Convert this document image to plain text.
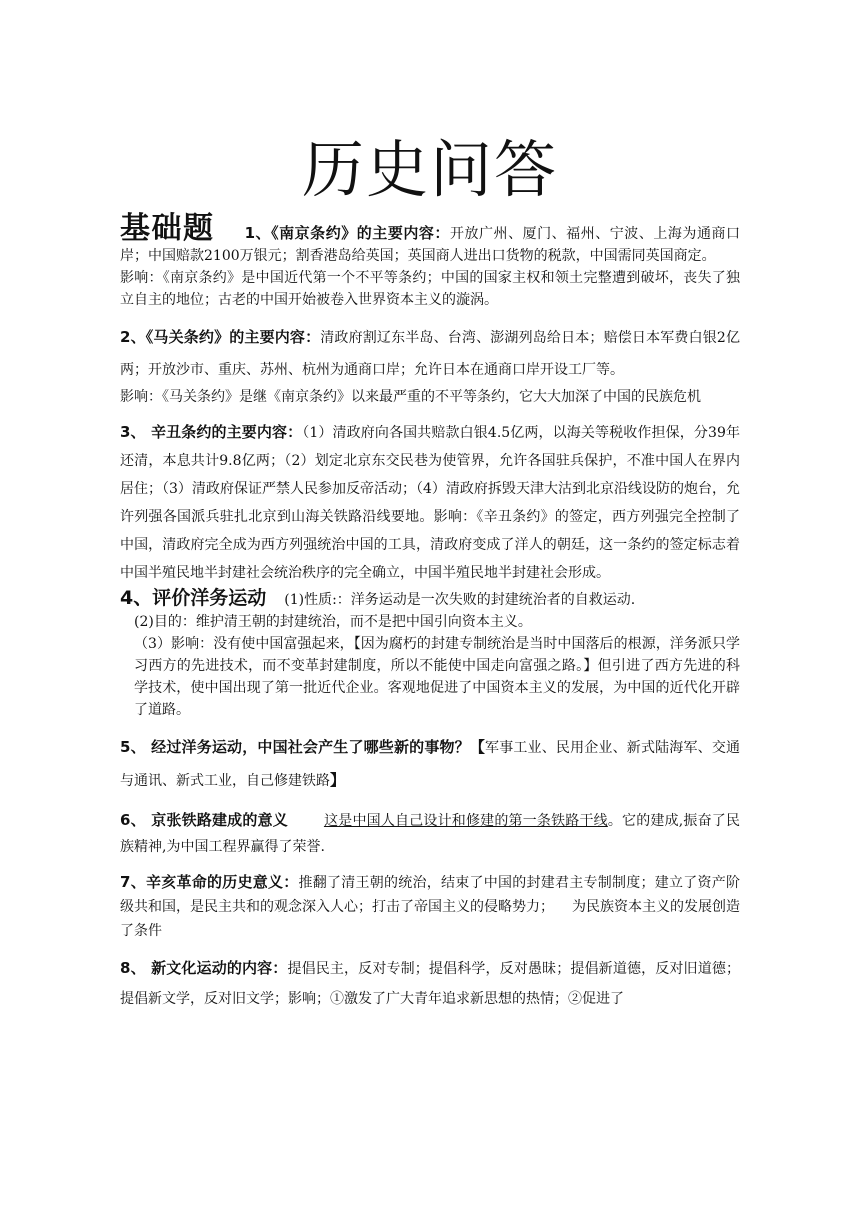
历史问答

基础题 1、《南京条约》的主要内容：开放广州、厦门、福州、宁波、上海为通商口岸；中国赔款2100万银元；割香港岛给英国；英国商人进出口货物的税款，中国需同英国商定。

影响：《南京条约》是中国近代第一个不平等条约；中国的国家主权和领土完整遭到破坏，丧失了独立自主的地位；古老的中国开始被卷入世界资本主义的漩涡。

2、《马关条约》的主要内容：清政府割辽东半岛、台湾、澎湖列岛给日本；赔偿日本军费白银2亿两；开放沙市、重庆、苏州、杭州为通商口岸；允许日本在通商口岸开设工厂等。

影响：《马关条约》是继《南京条约》以来最严重的不平等条约，它大大加深了中国的民族危机

3、 辛丑条约的主要内容：（1）清政府向各国共赔款白银4.5亿两，以海关等税收作担保，分39年还清，本息共计9.8亿两；（2）划定北京东交民巷为使管界，允许各国驻兵保护，不准中国人在界内居住；（3）清政府保证严禁人民参加反帝活动；（4）清政府拆毁天津大沽到北京沿线设防的炮台，允许列强各国派兵驻扎北京到山海关铁路沿线要地。影响：《辛丑条约》的签定，西方列强完全控制了中国，清政府完全成为西方列强统治中国的工具，清政府变成了洋人的朝廷，这一条约的签定标志着中国半殖民地半封建社会统治秩序的完全确立，中国半殖民地半封建社会形成。

4、评价洋务运动 (1)性质:：洋务运动是一次失败的封建统治者的自救运动.

(2)目的：维护清王朝的封建统治，而不是把中国引向资本主义。

（3）影响：没有使中国富强起来，【因为腐朽的封建专制统治是当时中国落后的根源，洋务派只学习西方的先进技术，而不变革封建制度，所以不能使中国走向富强之路。】但引进了西方先进的科学技术，使中国出现了第一批近代企业。客观地促进了中国资本主义的发展，为中国的近代化开辟了道路。

5、 经过洋务运动，中国社会产生了哪些新的事物？【军事工业、民用企业、新式陆海军、交通与通讯、新式工业，自己修建铁路】

6、 京张铁路建成的意义	这是中国人自己设计和修建的第一条铁路干线。它的建成,振奋了民族精神,为中国工程界赢得了荣誉.

7、辛亥革命的历史意义：推翻了清王朝的统治，结束了中国的封建君主专制制度；建立了资产阶级共和国，是民主共和的观念深入人心；打击了帝国主义的侵略势力； 为民族资本主义的发展创造了条件

8、 新文化运动的内容：提倡民主，反对专制；提倡科学，反对愚昧；提倡新道德，反对旧道德；提倡新文学，反对旧文学；影响；①激发了广大青年追求新思想的热情；②促进了
